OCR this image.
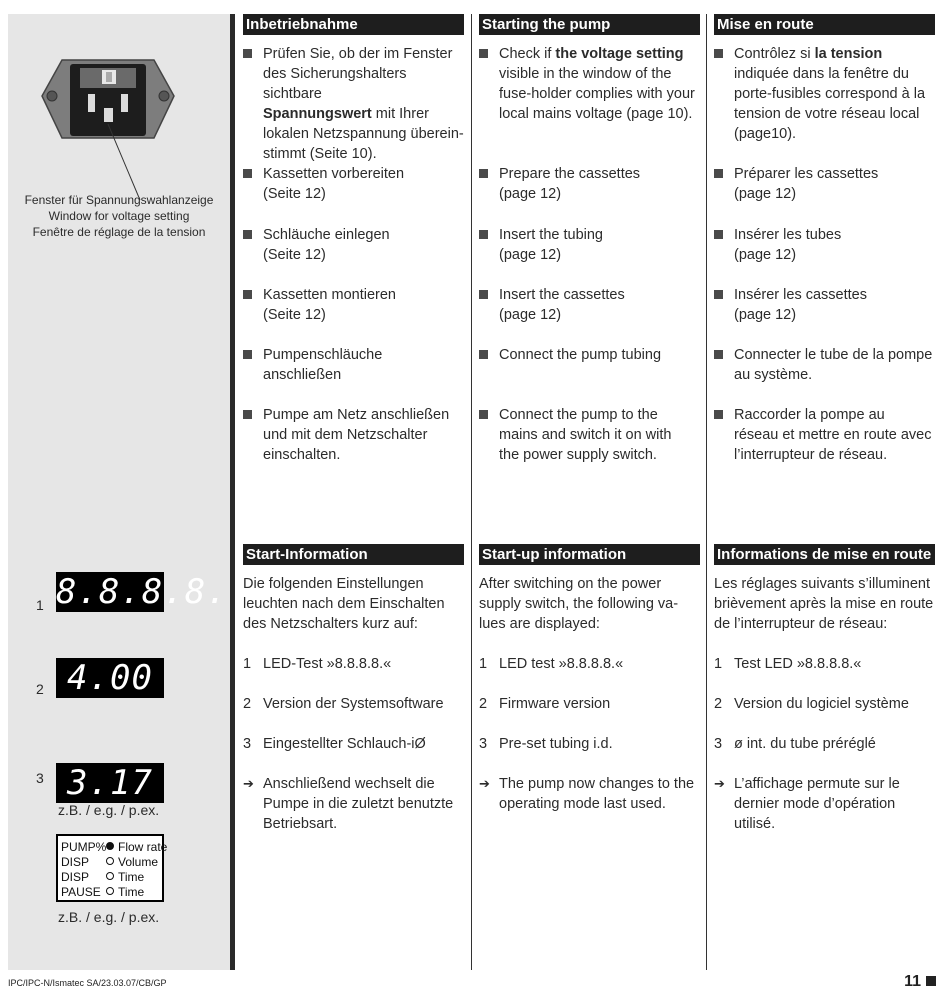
Fenster für Spannungswahlanzeige
Window for voltage setting
Fenêtre de réglage de la tension
1 8.8.8.8.
2 4.00
3 3.17
z.B. / e.g. / p.ex.
PUMP% Flow rate
DISP	Volume
DISP	Time
PAUSE	Time
z.B. / e.g. / p.ex.
Inbetriebnahme
Prüfen Sie, ob der im Fenster
des Sicherungshalters sichtbare
Spannungswert mit Ihrer
lokalen Netzspannung überein-
stimmt (Seite 10).
Kassetten vorbereiten
(Seite 12)
Schläuche einlegen
(Seite 12)
Kassetten montieren
(Seite 12)
Pumpenschläuche anschließen
Pumpe am Netz anschließen
und mit dem Netzschalter
einschalten.
Start-Information
Die folgenden Einstellungen
leuchten nach dem Einschalten
des Netzschalters kurz auf:
1 LED-Test »8.8.8.8.«
2 Version der Systemsoftware
3 Eingestellter Schlauch-iØ
➔ Anschließend wechselt die
Pumpe in die zuletzt benutzte
Betriebsart.
Starting the pump
Check if the voltage setting
visible in the window of the
fuse-holder complies with your
local mains voltage (page 10).
Prepare the cassettes
(page 12)
Insert the tubing
(page 12)
Insert the cassettes
(page 12)
Connect the pump tubing
Connect the pump to the
mains and switch it on with
the power supply switch.
Start-up information
After switching on the power
supply switch, the following va-
lues are displayed:
1 LED test »8.8.8.8.«
2 Firmware version
3 Pre-set tubing i.d.
➔ The pump now changes to the
operating mode last used.
Mise en route
Contrôlez si la tension
indiquée dans la fenêtre du
porte-fusibles correspond à la
tension de votre réseau local
(page10).
Préparer les cassettes
(page 12)
Insérer les tubes
(page 12)
Insérer les cassettes
(page 12)
Connecter le tube de la pompe
au système.
Raccorder la pompe au
réseau et mettre en route avec
l’interrupteur de réseau.
Informations de mise en route
Les réglages suivants s’illuminent
brièvement après la mise en route
de l’interrupteur de réseau:
1 Test LED »8.8.8.8.«
2 Version du logiciel système
3 ø int. du tube préréglé
➔ L’affichage permute sur le
dernier mode d’opération
utilisé.
IPC/IPC-N/Ismatec SA/23.03.07/CB/GP	11
